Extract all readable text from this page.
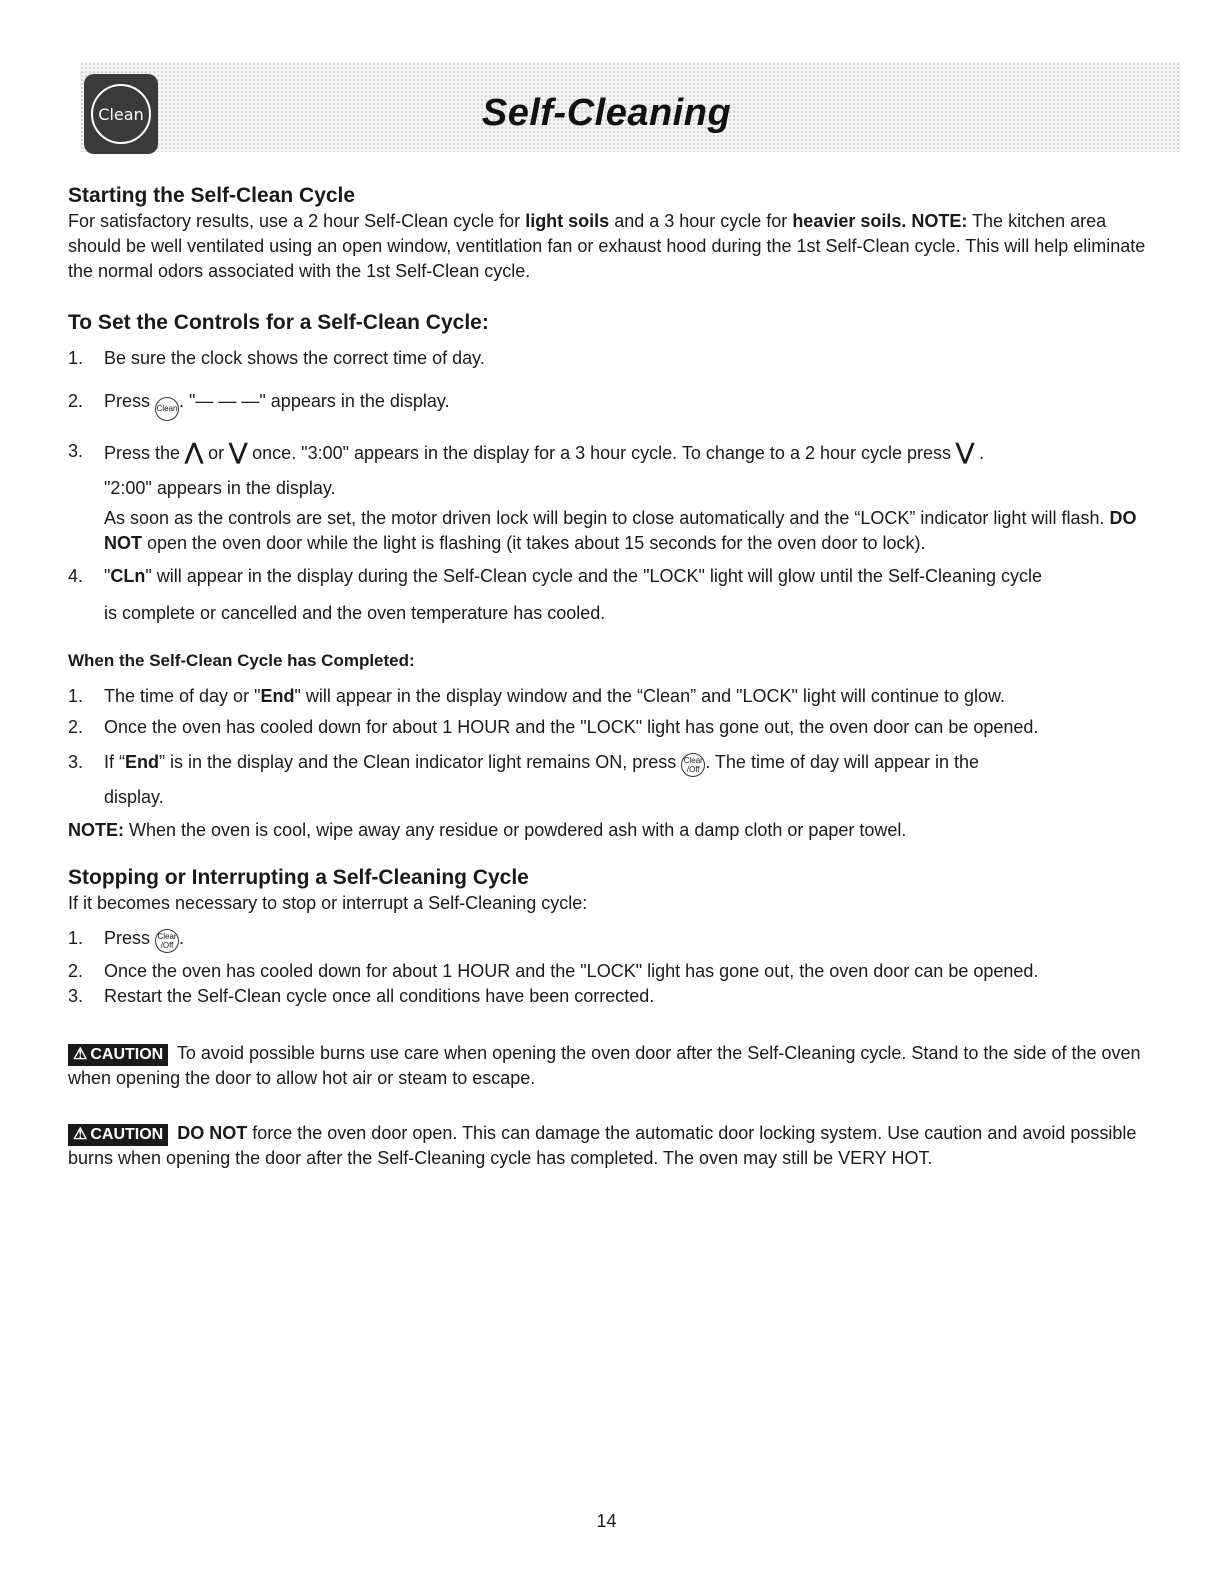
Clean	Self-Cleaning
Starting the Self-Clean Cycle

For satisfactory results, use a 2 hour Self-Clean cycle for light soils and a 3 hour cycle for heavier soils. NOTE: The kitchen area should be well ventilated using an open window, ventitlation fan or exhaust hood during the 1st Self-Clean cycle. This will help eliminate the normal odors associated with the 1st Self-Clean cycle.

To Set the Controls for a Self-Clean Cycle:
1. Be sure the clock shows the correct time of day.
2. Press Clean. "— — —" appears in the display.
3. Press the ⋀ or ⋁ once. "3:00" appears in the display for a 3 hour cycle. To change to a 2 hour cycle press ⋁ .
"2:00" appears in the display.
As soon as the controls are set, the motor driven lock will begin to close automatically and the “LOCK” indicator light will flash. DO NOT open the oven door while the light is flashing (it takes about 15 seconds for the oven door to lock).
4. "CLn" will appear in the display during the Self-Clean cycle and the "LOCK" light will glow until the Self-Cleaning cycle
is complete or cancelled and the oven temperature has cooled.
When the Self-Clean Cycle has Completed:
1. The time of day or "End" will appear in the display window and the “Clean” and "LOCK" light will continue to glow.
2. Once the oven has cooled down for about 1 HOUR and the "LOCK" light has gone out, the oven door can be opened.
3. If “End” is in the display and the Clean indicator light remains ON, press Clear
/Off . The time of day will appear in the
display.

NOTE: When the oven is cool, wipe away any residue or powdered ash with a damp cloth or paper towel.

Stopping or Interrupting a Self-Cleaning Cycle

If it becomes necessary to stop or interrupt a Self-Cleaning cycle:

1. Press Clear
/Off .
2. Once the oven has cooled down for about 1 HOUR and the "LOCK" light has gone out, the oven door can be opened.
3. Restart the Self-Clean cycle once all conditions have been corrected.

⚠ CAUTION To avoid possible burns use care when opening the oven door after the Self-Cleaning cycle. Stand to the side of the oven when opening the door to allow hot air or steam to escape.

⚠ CAUTION DO NOT force the oven door open. This can damage the automatic door locking system. Use caution and avoid possible burns when opening the door after the Self-Cleaning cycle has completed. The oven may still be VERY HOT.

14
